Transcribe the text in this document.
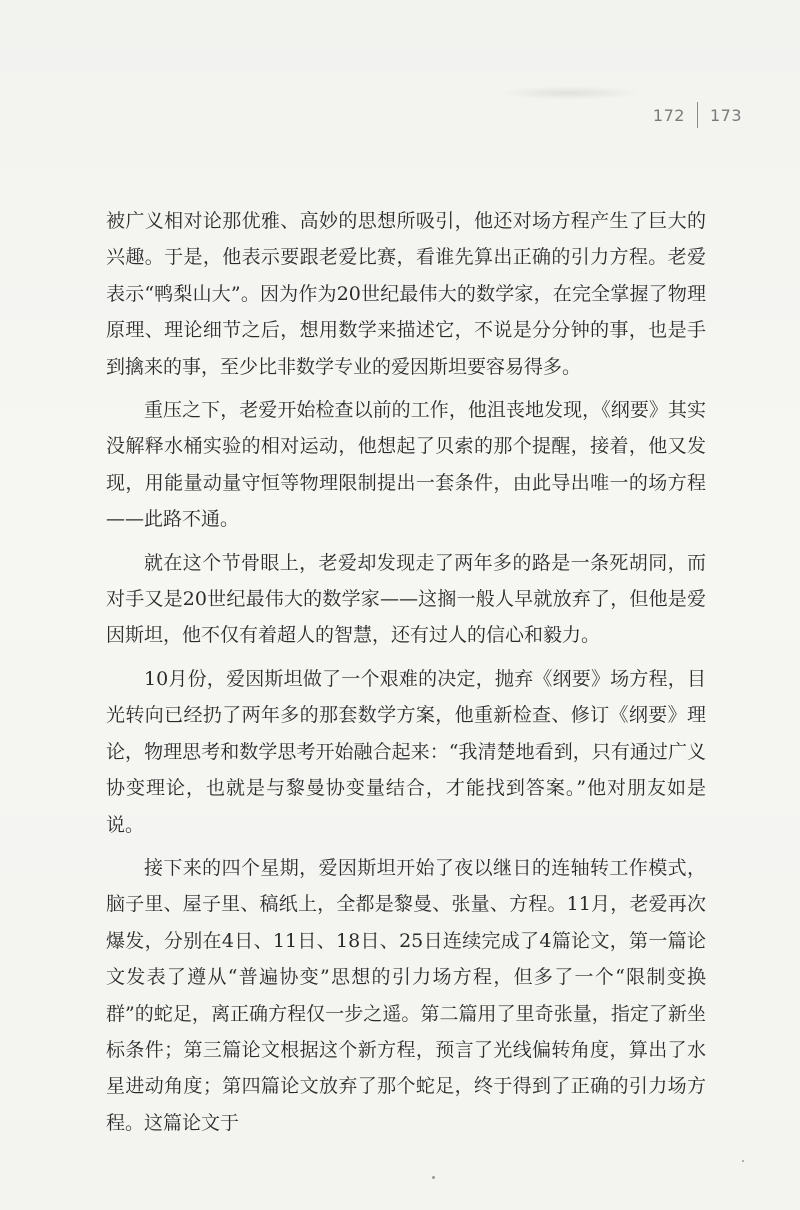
172 173

被广义相对论那优雅、高妙的思想所吸引，他还对场方程产生了巨大的兴趣。于是，他表示要跟老爱比赛，看谁先算出正确的引力方程。老爱表示“鸭梨山大”。因为作为20世纪最伟大的数学家，在完全掌握了物理原理、理论细节之后，想用数学来描述它，不说是分分钟的事，也是手到擒来的事，至少比非数学专业的爱因斯坦要容易得多。

重压之下，老爱开始检查以前的工作，他沮丧地发现，《纲要》其实没解释水桶实验的相对运动，他想起了贝索的那个提醒，接着，他又发现，用能量动量守恒等物理限制提出一套条件，由此导出唯一的场方程——此路不通。

就在这个节骨眼上，老爱却发现走了两年多的路是一条死胡同，而对手又是20世纪最伟大的数学家——这搁一般人早就放弃了，但他是爱因斯坦，他不仅有着超人的智慧，还有过人的信心和毅力。

10月份，爱因斯坦做了一个艰难的决定，抛弃《纲要》场方程，目光转向已经扔了两年多的那套数学方案，他重新检查、修订《纲要》理论，物理思考和数学思考开始融合起来：“我清楚地看到，只有通过广义协变理论，也就是与黎曼协变量结合，才能找到答案。”他对朋友如是说。

接下来的四个星期，爱因斯坦开始了夜以继日的连轴转工作模式，脑子里、屋子里、稿纸上，全都是黎曼、张量、方程。11月，老爱再次爆发，分别在4日、11日、18日、25日连续完成了4篇论文，第一篇论文发表了遵从“普遍协变”思想的引力场方程，但多了一个“限制变换群”的蛇足，离正确方程仅一步之遥。第二篇用了里奇张量，指定了新坐标条件；第三篇论文根据这个新方程，预言了光线偏转角度，算出了水星进动角度；第四篇论文放弃了那个蛇足，终于得到了正确的引力场方程。这篇论文于
